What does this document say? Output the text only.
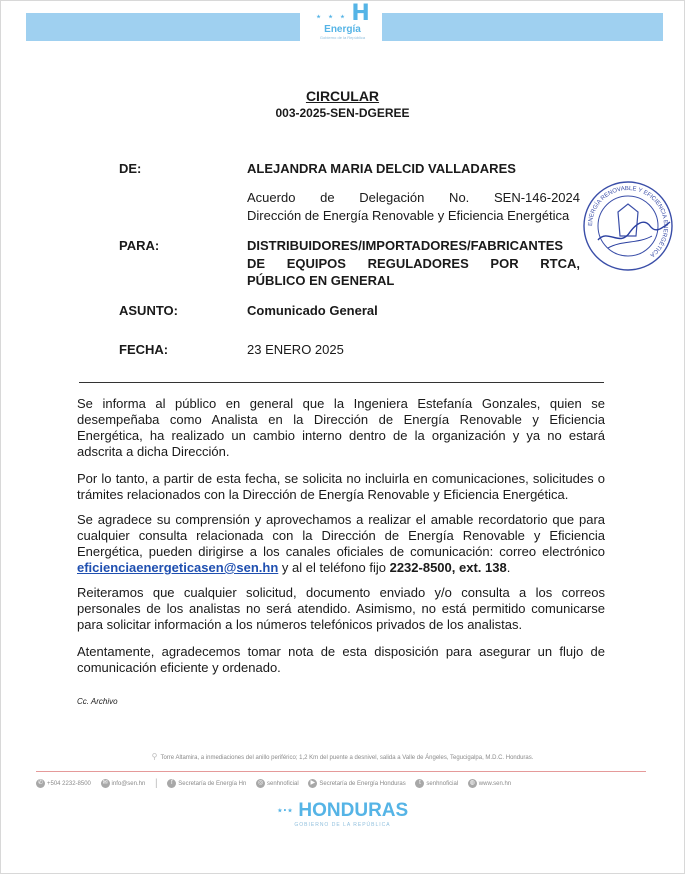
⋆ ⋆ ⋆ H
Energía
Gobierno de la República
CIRCULAR
003-2025-SEN-DGEREE
DE:	ALEJANDRA MARIA DELCID VALLADARES
Acuerdo de Delegación No. SEN-146-2024
Dirección de Energía Renovable y Eficiencia Energética
PARA:	DISTRIBUIDORES/IMPORTADORES/FABRICANTES
DE EQUIPOS REGULADORES POR RTCA,
PÚBLICO EN GENERAL
ASUNTO:	Comunicado General
FECHA:	23 ENERO 2025
ENERGÍA RENOVABLE Y EFICIENCIA ENERGÉTICA
Se informa al público en general que la Ingeniera Estefanía Gonzales, quien se desempeñaba como Analista en la Dirección de Energía Renovable y Eficiencia Energética, ha realizado un cambio interno dentro de la organización y ya no estará adscrita a dicha Dirección.
Por lo tanto, a partir de esta fecha, se solicita no incluirla en comunicaciones, solicitudes o trámites relacionados con la Dirección de Energía Renovable y Eficiencia Energética.
Se agradece su comprensión y aprovechamos a realizar el amable recordatorio que para cualquier consulta relacionada con la Dirección de Energía Renovable y Eficiencia Energética, pueden dirigirse a los canales oficiales de comunicación: correo electrónico eficienciaenergeticasen@sen.hn y al el teléfono fijo 2232-8500, ext. 138.
Reiteramos que cualquier solicitud, documento enviado y/o consulta a los correos personales de los analistas no será atendido. Asimismo, no está permitido comunicarse para solicitar información a los números telefónicos privados de los analistas.
Atentamente, agradecemos tomar nota de esta disposición para asegurar un flujo de comunicación eficiente y ordenado.
Cc. Archivo
⚲ Torre Altamira, a inmediaciones del anillo periférico; 1,2 Km del puente a desnivel, salida a Valle de Ángeles, Tegucigalpa, M.D.C. Honduras.
✆ +504 2232-8500 ✉ info@sen.hn | f Secretaría de Energía Hn ◎ senhnoficial ▶ Secretaría de Energía Honduras t senhnoficial ◍ www.sen.hn
⋆⋅⋆ HONDURAS
GOBIERNO DE LA REPÚBLICA
